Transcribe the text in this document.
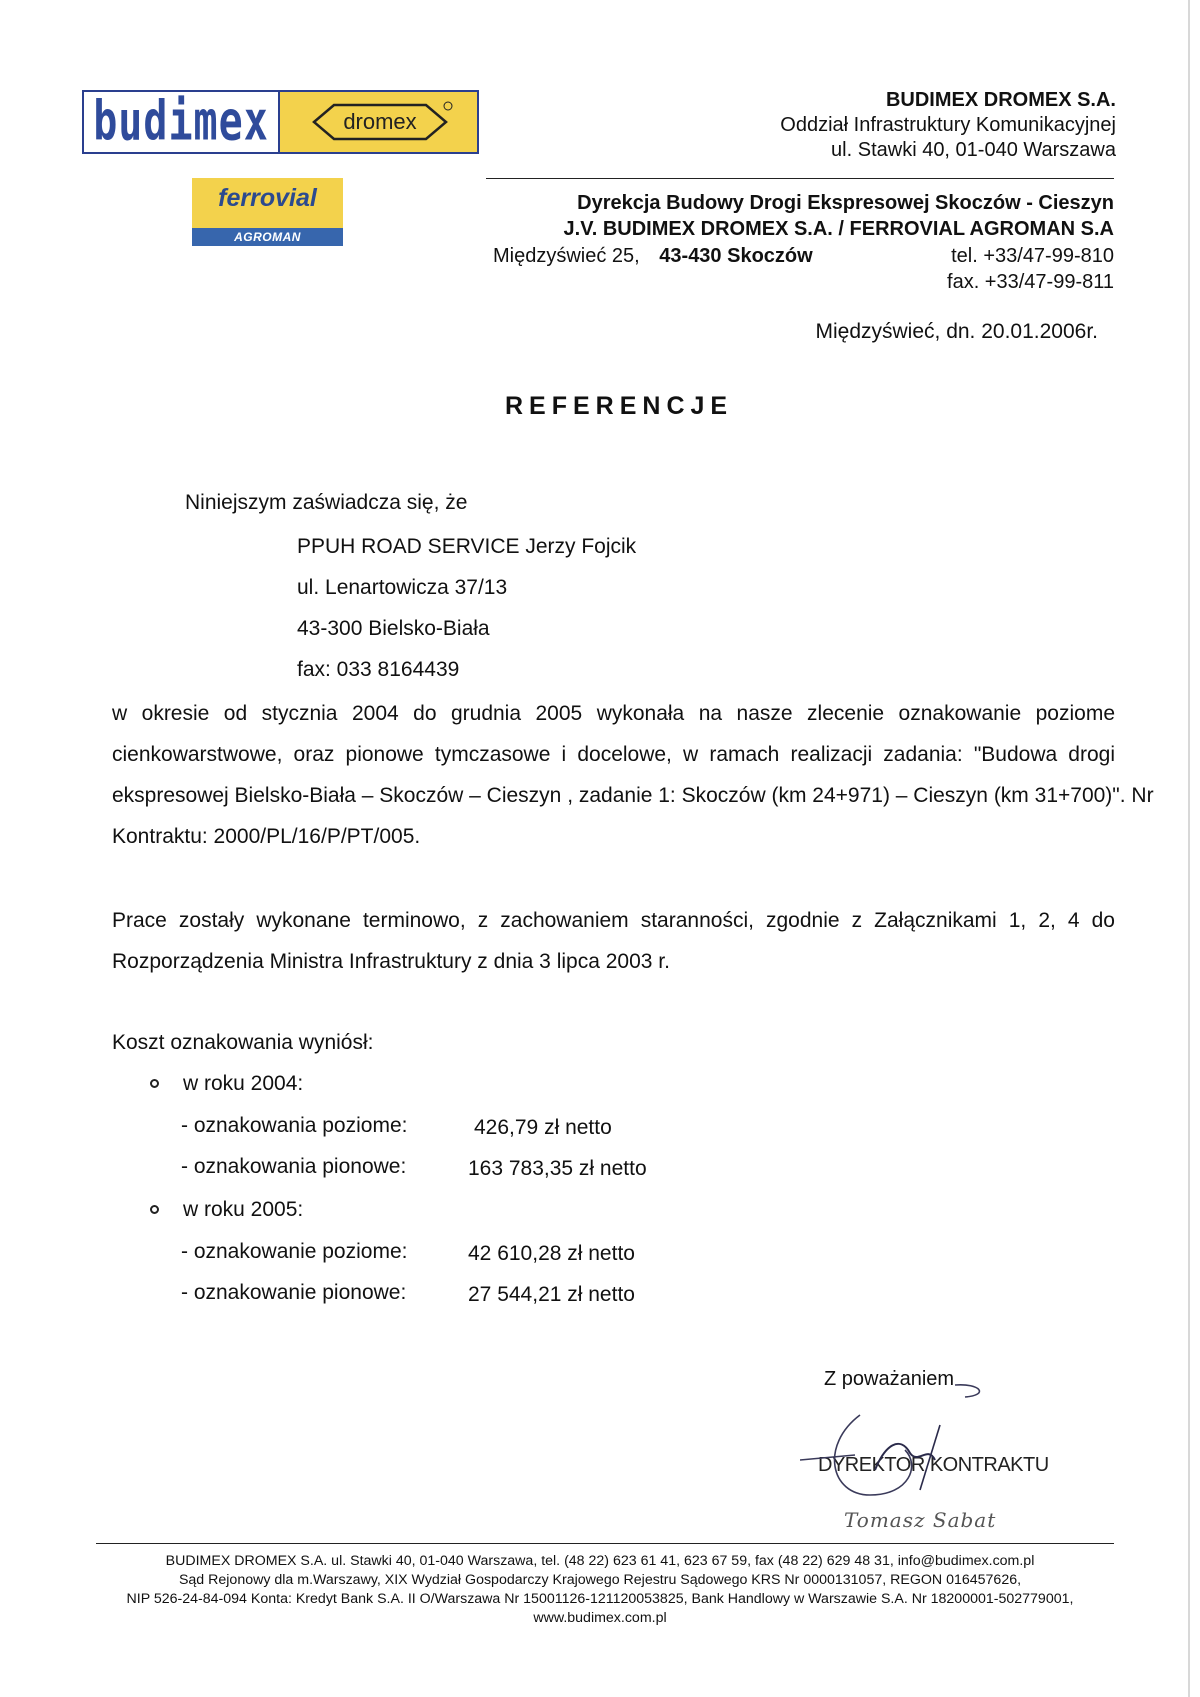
budimex	dromex
ferrovial
AGROMAN
BUDIMEX DROMEX S.A.
Oddział Infrastruktury Komunikacyjnej
ul. Stawki 40, 01-040 Warszawa
Dyrekcja Budowy Drogi Ekspresowej Skoczów - Cieszyn
J.V. BUDIMEX DROMEX S.A. / FERROVIAL AGROMAN S.A
Międzyświeć 25, 43-430 Skoczów	tel. +33/47-99-810
fax. +33/47-99-811
Międzyświeć, dn. 20.01.2006r.
REFERENCJE
Niniejszym zaświadcza się, że
PPUH ROAD SERVICE Jerzy Fojcik
ul. Lenartowicza 37/13
43-300 Bielsko-Biała
fax: 033 8164439
w okresie od stycznia 2004 do grudnia 2005 wykonała na nasze zlecenie oznakowanie poziome
cienkowarstwowe, oraz pionowe tymczasowe i docelowe, w ramach realizacji zadania: "Budowa drogi
ekspresowej Bielsko-Biała – Skoczów – Cieszyn , zadanie 1: Skoczów (km 24+971) – Cieszyn (km 31+700)". Nr
Kontraktu: 2000/PL/16/P/PT/005.
Prace zostały wykonane terminowo, z zachowaniem staranności, zgodnie z Załącznikami 1, 2, 4 do
Rozporządzenia Ministra Infrastruktury z dnia 3 lipca 2003 r.
Koszt oznakowania wyniósł:
w roku 2004:
- oznakowania poziome:	426,79 zł netto
- oznakowania pionowe:	163 783,35 zł netto
w roku 2005:
- oznakowanie poziome:	42 610,28 zł netto
- oznakowanie pionowe:	27 544,21 zł netto
Z poważaniem
DYREKTOR KONTRAKTU
Tomasz Sabat
BUDIMEX DROMEX S.A. ul. Stawki 40, 01-040 Warszawa, tel. (48 22) 623 61 41, 623 67 59, fax (48 22) 629 48 31, info@budimex.com.pl
Sąd Rejonowy dla m.Warszawy, XIX Wydział Gospodarczy Krajowego Rejestru Sądowego KRS Nr 0000131057, REGON 016457626,
NIP 526-24-84-094 Konta: Kredyt Bank S.A. II O/Warszawa Nr 15001126-121120053825, Bank Handlowy w Warszawie S.A. Nr 18200001-502779001,
www.budimex.com.pl
